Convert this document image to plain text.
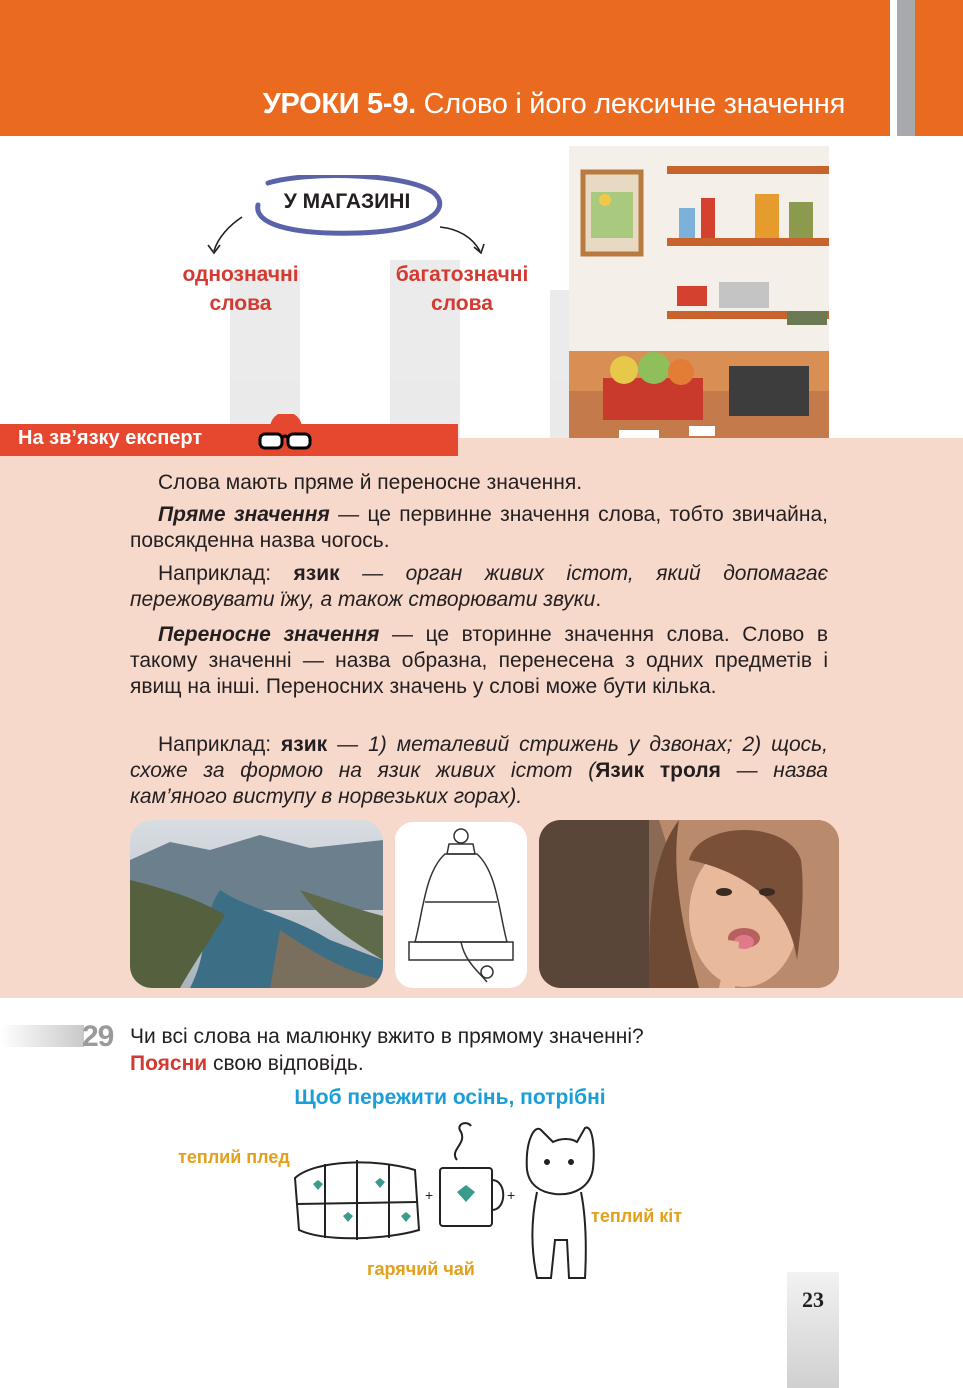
УРОКИ 5-9. Слово і його лексичне значення
У МАГАЗИНІ
однозначні
слова
багатозначні
слова
На зв’язку експерт
Слова мають пряме й переносне значення.
Пряме значення — це первинне значення слова, тобто звичайна, повсякденна назва чогось.
Наприклад: язик — орган живих істот, який допомагає пережовувати їжу, а також створювати звуки.
Переносне значення — це вторинне значення слова. Слово в такому значенні — назва образна, перенесена з одних предметів і явищ на інші. Переносних значень у слові може бути кілька.
Наприклад: язик — 1) металевий стрижень у дзвонах; 2) щось, схоже за формою на язик живих істот (Язик троля — назва кам’яного виступу в норвезьких горах).
29 Чи всі слова на малюнку вжито в прямому значенні?
Поясни свою відповідь.
Щоб пережити осінь, потрібні
теплий плед
теплий кіт
гарячий чай
+	+
23
